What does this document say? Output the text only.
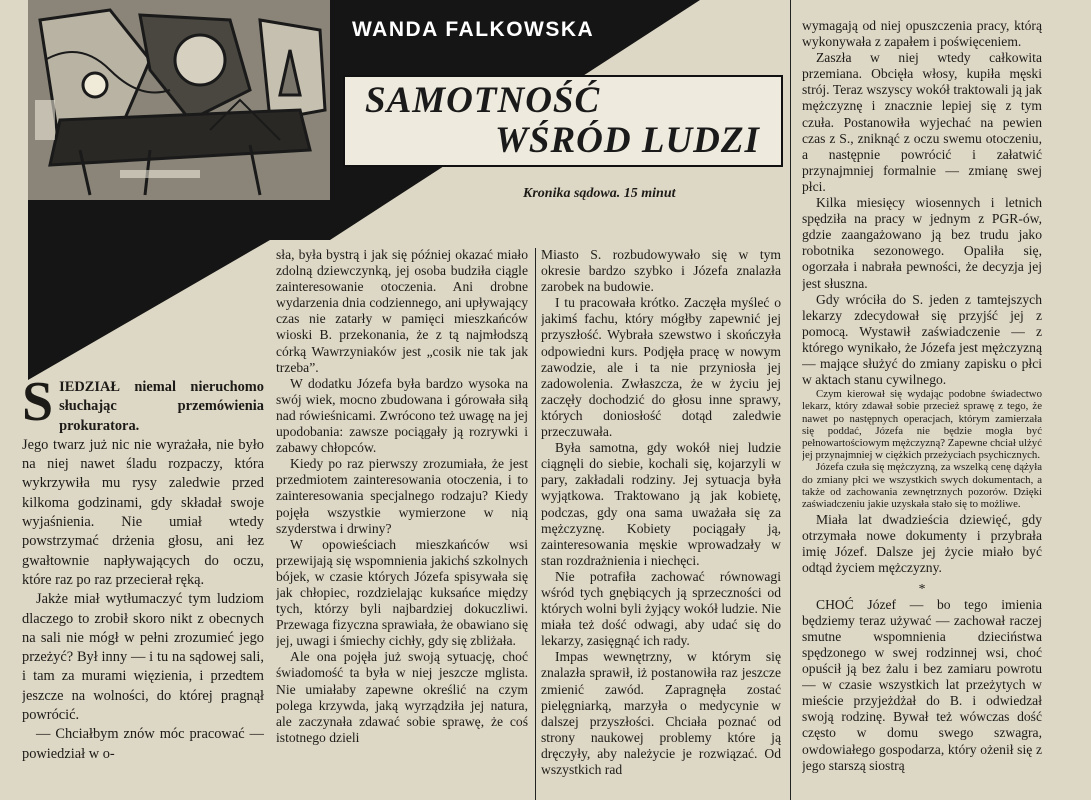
WANDA FALKOWSKA
SAMOTNOŚĆ
WŚRÓD LUDZI
Kronika sądowa. 15 minut

SIEDZIAŁ niemal nieruchomo słuchając przemówienia prokuratora.

Jego twarz już nic nie wyrażała, nie było na niej nawet śladu rozpaczy, która wykrzywiła mu rysy zaledwie przed kilkoma godzinami, gdy składał swoje wyjaśnienia. Nie umiał wtedy powstrzymać drżenia głosu, ani łez gwałtownie napływających do oczu, które raz po raz przecierał ręką.

Jakże miał wytłumaczyć tym ludziom dlaczego to zrobił skoro nikt z obecnych na sali nie mógł w pełni zrozumieć jego przeżyć? Był inny — i tu na sądowej sali, i tam za murami więzienia, i przedtem jeszcze na wolności, do której pragnął powrócić.

— Chciałbym znów móc pracować — powiedział w o-

sła, była bystrą i jak się później okazać miało zdolną dziewczynką, jej osoba budziła ciągle zainteresowanie otoczenia. Ani drobne wydarzenia dnia codziennego, ani upływający czas nie zatarły w pamięci mieszkańców wioski B. przekonania, że z tą najmłodszą córką Wawrzyniaków jest „cosik nie tak jak trzeba”.

W dodatku Józefa była bardzo wysoka na swój wiek, mocno zbudowana i górowała siłą nad rówieśnicami. Zwrócono też uwagę na jej upodobania: zawsze pociągały ją rozrywki i zabawy chłopców.

Kiedy po raz pierwszy zrozumiała, że jest przedmiotem zainteresowania otoczenia, i to zainteresowania specjalnego rodzaju? Kiedy pojęła wszystkie wymierzone w nią szyderstwa i drwiny?

W opowieściach mieszkańców wsi przewijają się wspomnienia jakichś szkolnych bójek, w czasie których Józefa spisywała się jak chłopiec, rozdzielając kuksańce między tych, którzy byli najbardziej dokuczliwi. Przewaga fizyczna sprawiała, że obawiano się jej, uwagi i śmiechy cichły, gdy się zbliżała.

Ale ona pojęła już swoją sytuację, choć świadomość ta była w niej jeszcze mglista. Nie umiałaby zapewne określić na czym polega krzywda, jaką wyrządziła jej natura, ale zaczynała zdawać sobie sprawę, że coś istotnego dzieli

Miasto S. rozbudowywało się w tym okresie bardzo szybko i Józefa znalazła zarobek na budowie.

I tu pracowała krótko. Zaczęła myśleć o jakimś fachu, który mógłby zapewnić jej przyszłość. Wybrała szewstwo i skończyła odpowiedni kurs. Podjęła pracę w nowym zawodzie, ale i ta nie przyniosła jej zadowolenia. Zwłaszcza, że w życiu jej zaczęły dochodzić do głosu inne sprawy, których doniosłość dotąd zaledwie przeczuwała.

Była samotna, gdy wokół niej ludzie ciągnęli do siebie, kochali się, kojarzyli w pary, zakładali rodziny. Jej sytuacja była wyjątkowa. Traktowano ją jak kobietę, podczas, gdy ona sama uważała się za mężczyznę. Kobiety pociągały ją, zainteresowania męskie wprowadzały w stan rozdrażnienia i niechęci.

Nie potrafiła zachować równowagi wśród tych gnębiących ją sprzeczności od których wolni byli żyjący wokół ludzie. Nie miała też dość odwagi, aby udać się do lekarzy, zasięgnąć ich rady.

Impas wewnętrzny, w którym się znalazła sprawił, iż postanowiła raz jeszcze zmienić zawód. Zapragnęła zostać pielęgniarką, marzyła o medycynie w dalszej przyszłości. Chciała poznać od strony naukowej problemy które ją dręczyły, aby należycie je rozwiązać. Od wszystkich rad

wymagają od niej opuszczenia pracy, którą wykonywała z zapałem i poświęceniem.

Zaszła w niej wtedy całkowita przemiana. Obcięła włosy, kupiła męski strój. Teraz wszyscy wokół traktowali ją jak mężczyznę i znacznie lepiej się z tym czuła. Postanowiła wyjechać na pewien czas z S., zniknąć z oczu swemu otoczeniu, a następnie powrócić i załatwić przynajmniej formalnie — zmianę swej płci.

Kilka miesięcy wiosennych i letnich spędziła na pracy w jednym z PGR-ów, gdzie zaangażowano ją bez trudu jako robotnika sezonowego. Opaliła się, ogorzała i nabrała pewności, że decyzja jej jest słuszna.

Gdy wróciła do S. jeden z tamtejszych lekarzy zdecydował się przyjść jej z pomocą. Wystawił zaświadczenie — z którego wynikało, że Józefa jest mężczyzną — mające służyć do zmiany zapisku o płci w aktach stanu cywilnego.

Czym kierował się wydając podobne świadectwo lekarz, który zdawał sobie przecież sprawę z tego, że nawet po następnych operacjach, którym zamierzała się poddać, Józefa nie będzie mogła być pełnowartościowym mężczyzną? Zapewne chciał ulżyć jej przynajmniej w ciężkich przeżyciach psychicznych.

Józefa czuła się mężczyzną, za wszelką cenę dążyła do zmiany płci we wszystkich swych dokumentach, a także od zachowania zewnętrznych pozorów. Dzięki zaświadczeniu jakie uzyskała stało się to możliwe.

Miała lat dwadzieścia dziewięć, gdy otrzymała nowe dokumenty i przybrała imię Józef. Dalsze jej życie miało być odtąd życiem mężczyzny.

*

CHOĆ Józef — bo tego imienia będziemy teraz używać — zachował raczej smutne wspomnienia dzieciństwa spędzonego w swej rodzinnej wsi, choć opuścił ją bez żalu i bez zamiaru powrotu — w czasie wszystkich lat przeżytych w mieście przyjeżdżał do B. i odwiedzał swoją rodzinę. Bywał też wówczas dość często w domu swego szwagra, owdowiałego gospodarza, który ożenił się z jego starszą siostrą
